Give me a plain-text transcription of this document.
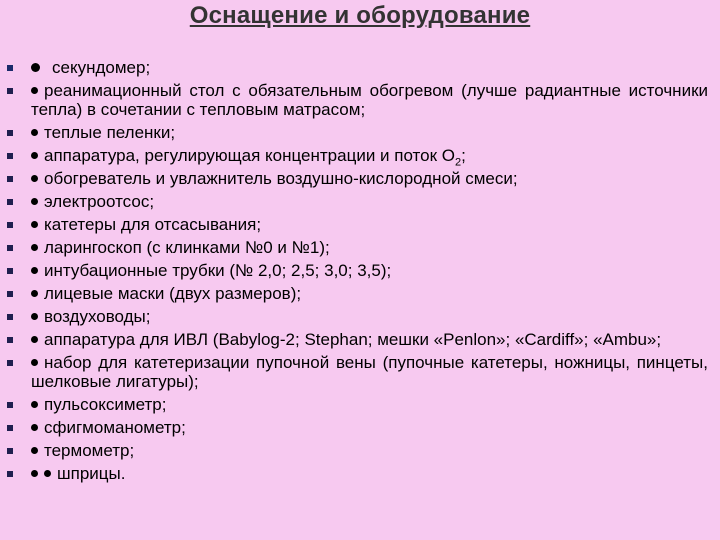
Оснащение и оборудование
секундомер;
реанимационный стол с обязательным обогревом (лучше радиантные источники тепла) в сочетании с тепловым матрасом;
теплые пеленки;
аппаратура, регулирующая концентрации и поток $O_2$;
обогреватель и увлажнитель воздушно-кислородной смеси;
электроотсос;
катетеры для отсасывания;
ларингоскоп (с клинками №0 и №1);
интубационные трубки (№ 2,0; 2,5; 3,0; 3,5);
лицевые маски (двух размеров);
воздуховоды;
аппаратура для ИВЛ (Babylog-2; Stephan; мешки «Penlon»; «Cardiff»; «Ambu»;
набор для катетеризации пупочной вены (пупочные катетеры, ножницы, пинцеты, шелковые лигатуры);
пульсоксиметр;
сфигмоманометр;
термометр;
шприцы.
